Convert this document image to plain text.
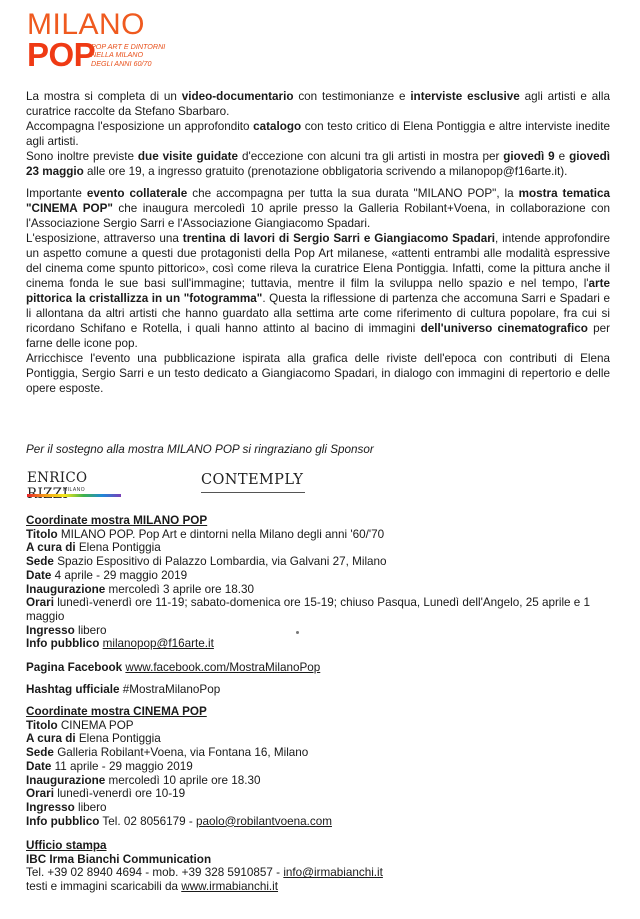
MILANO
POP
POP ART E DINTORNI
NELLA MILANO
DEGLI ANNI 60/70

La mostra si completa di un video-documentario con testimonianze e interviste esclusive agli artisti e alla curatrice raccolte da Stefano Sbarbaro.

Accompagna l'esposizione un approfondito catalogo con testo critico di Elena Pontiggia e altre interviste inedite agli artisti.

Sono inoltre previste due visite guidate d'eccezione con alcuni tra gli artisti in mostra per giovedì 9 e giovedì 23 maggio alle ore 19, a ingresso gratuito (prenotazione obbligatoria scrivendo a milanopop@f16arte.it).

Importante evento collaterale che accompagna per tutta la sua durata "MILANO POP", la mostra tematica "CINEMA POP" che inaugura mercoledì 10 aprile presso la Galleria Robilant+Voena, in collaborazione con l'Associazione Sergio Sarri e l'Associazione Giangiacomo Spadari.

L'esposizione, attraverso una trentina di lavori di Sergio Sarri e Giangiacomo Spadari, intende approfondire un aspetto comune a questi due protagonisti della Pop Art milanese, «attenti entrambi alle modalità espressive del cinema come spunto pittorico», così come rileva la curatrice Elena Pontiggia. Infatti, come la pittura anche il cinema fonda le sue basi sull'immagine; tuttavia, mentre il film la sviluppa nello spazio e nel tempo, l'arte pittorica la cristallizza in un "fotogramma". Questa la riflessione di partenza che accomuna Sarri e Spadari e li allontana da altri artisti che hanno guardato alla settima arte come riferimento di cultura popolare, fra cui si ricordano Schifano e Rotella, i quali hanno attinto al bacino di immagini dell'universo cinematografico per farne delle icone pop.

Arricchisce l'evento una pubblicazione ispirata alla grafica delle riviste dell'epoca con contributi di Elena Pontiggia, Sergio Sarri e un testo dedicato a Giangiacomo Spadari, in dialogo con immagini di repertorio e delle opere esposte.

Per il sostegno alla mostra MILANO POP si ringraziano gli Sponsor
ENRICO
MILANO
CONTEMPLY
Coordinate mostra MILANO POP
Titolo MILANO POP. Pop Art e dintorni nella Milano degli anni '60/'70
A cura di Elena Pontiggia
Sede Spazio Espositivo di Palazzo Lombardia, via Galvani 27, Milano
Date 4 aprile - 29 maggio 2019
Inaugurazione mercoledì 3 aprile ore 18.30
Orari lunedì-venerdì ore 11-19; sabato-domenica ore 15-19; chiuso Pasqua, Lunedì dell'Angelo, 25 aprile e 1 maggio
Ingresso libero
Info pubblico milanopop@f16arte.it
Pagina Facebook www.facebook.com/MostraMilanoPop
Hashtag ufficiale #MostraMilanoPop
Coordinate mostra CINEMA POP
Titolo CINEMA POP
A cura di Elena Pontiggia
Sede Galleria Robilant+Voena, via Fontana 16, Milano
Date 11 aprile - 29 maggio 2019
Inaugurazione mercoledì 10 aprile ore 18.30
Orari lunedì-venerdì ore 10-19
Ingresso libero
Info pubblico Tel. 02 8056179 - paolo@robilantvoena.com
Ufficio stampa
IBC Irma Bianchi Communication
Tel. +39 02 8940 4694 - mob. +39 328 5910857 - info@irmabianchi.it
testi e immagini scaricabili da www.irmabianchi.it
